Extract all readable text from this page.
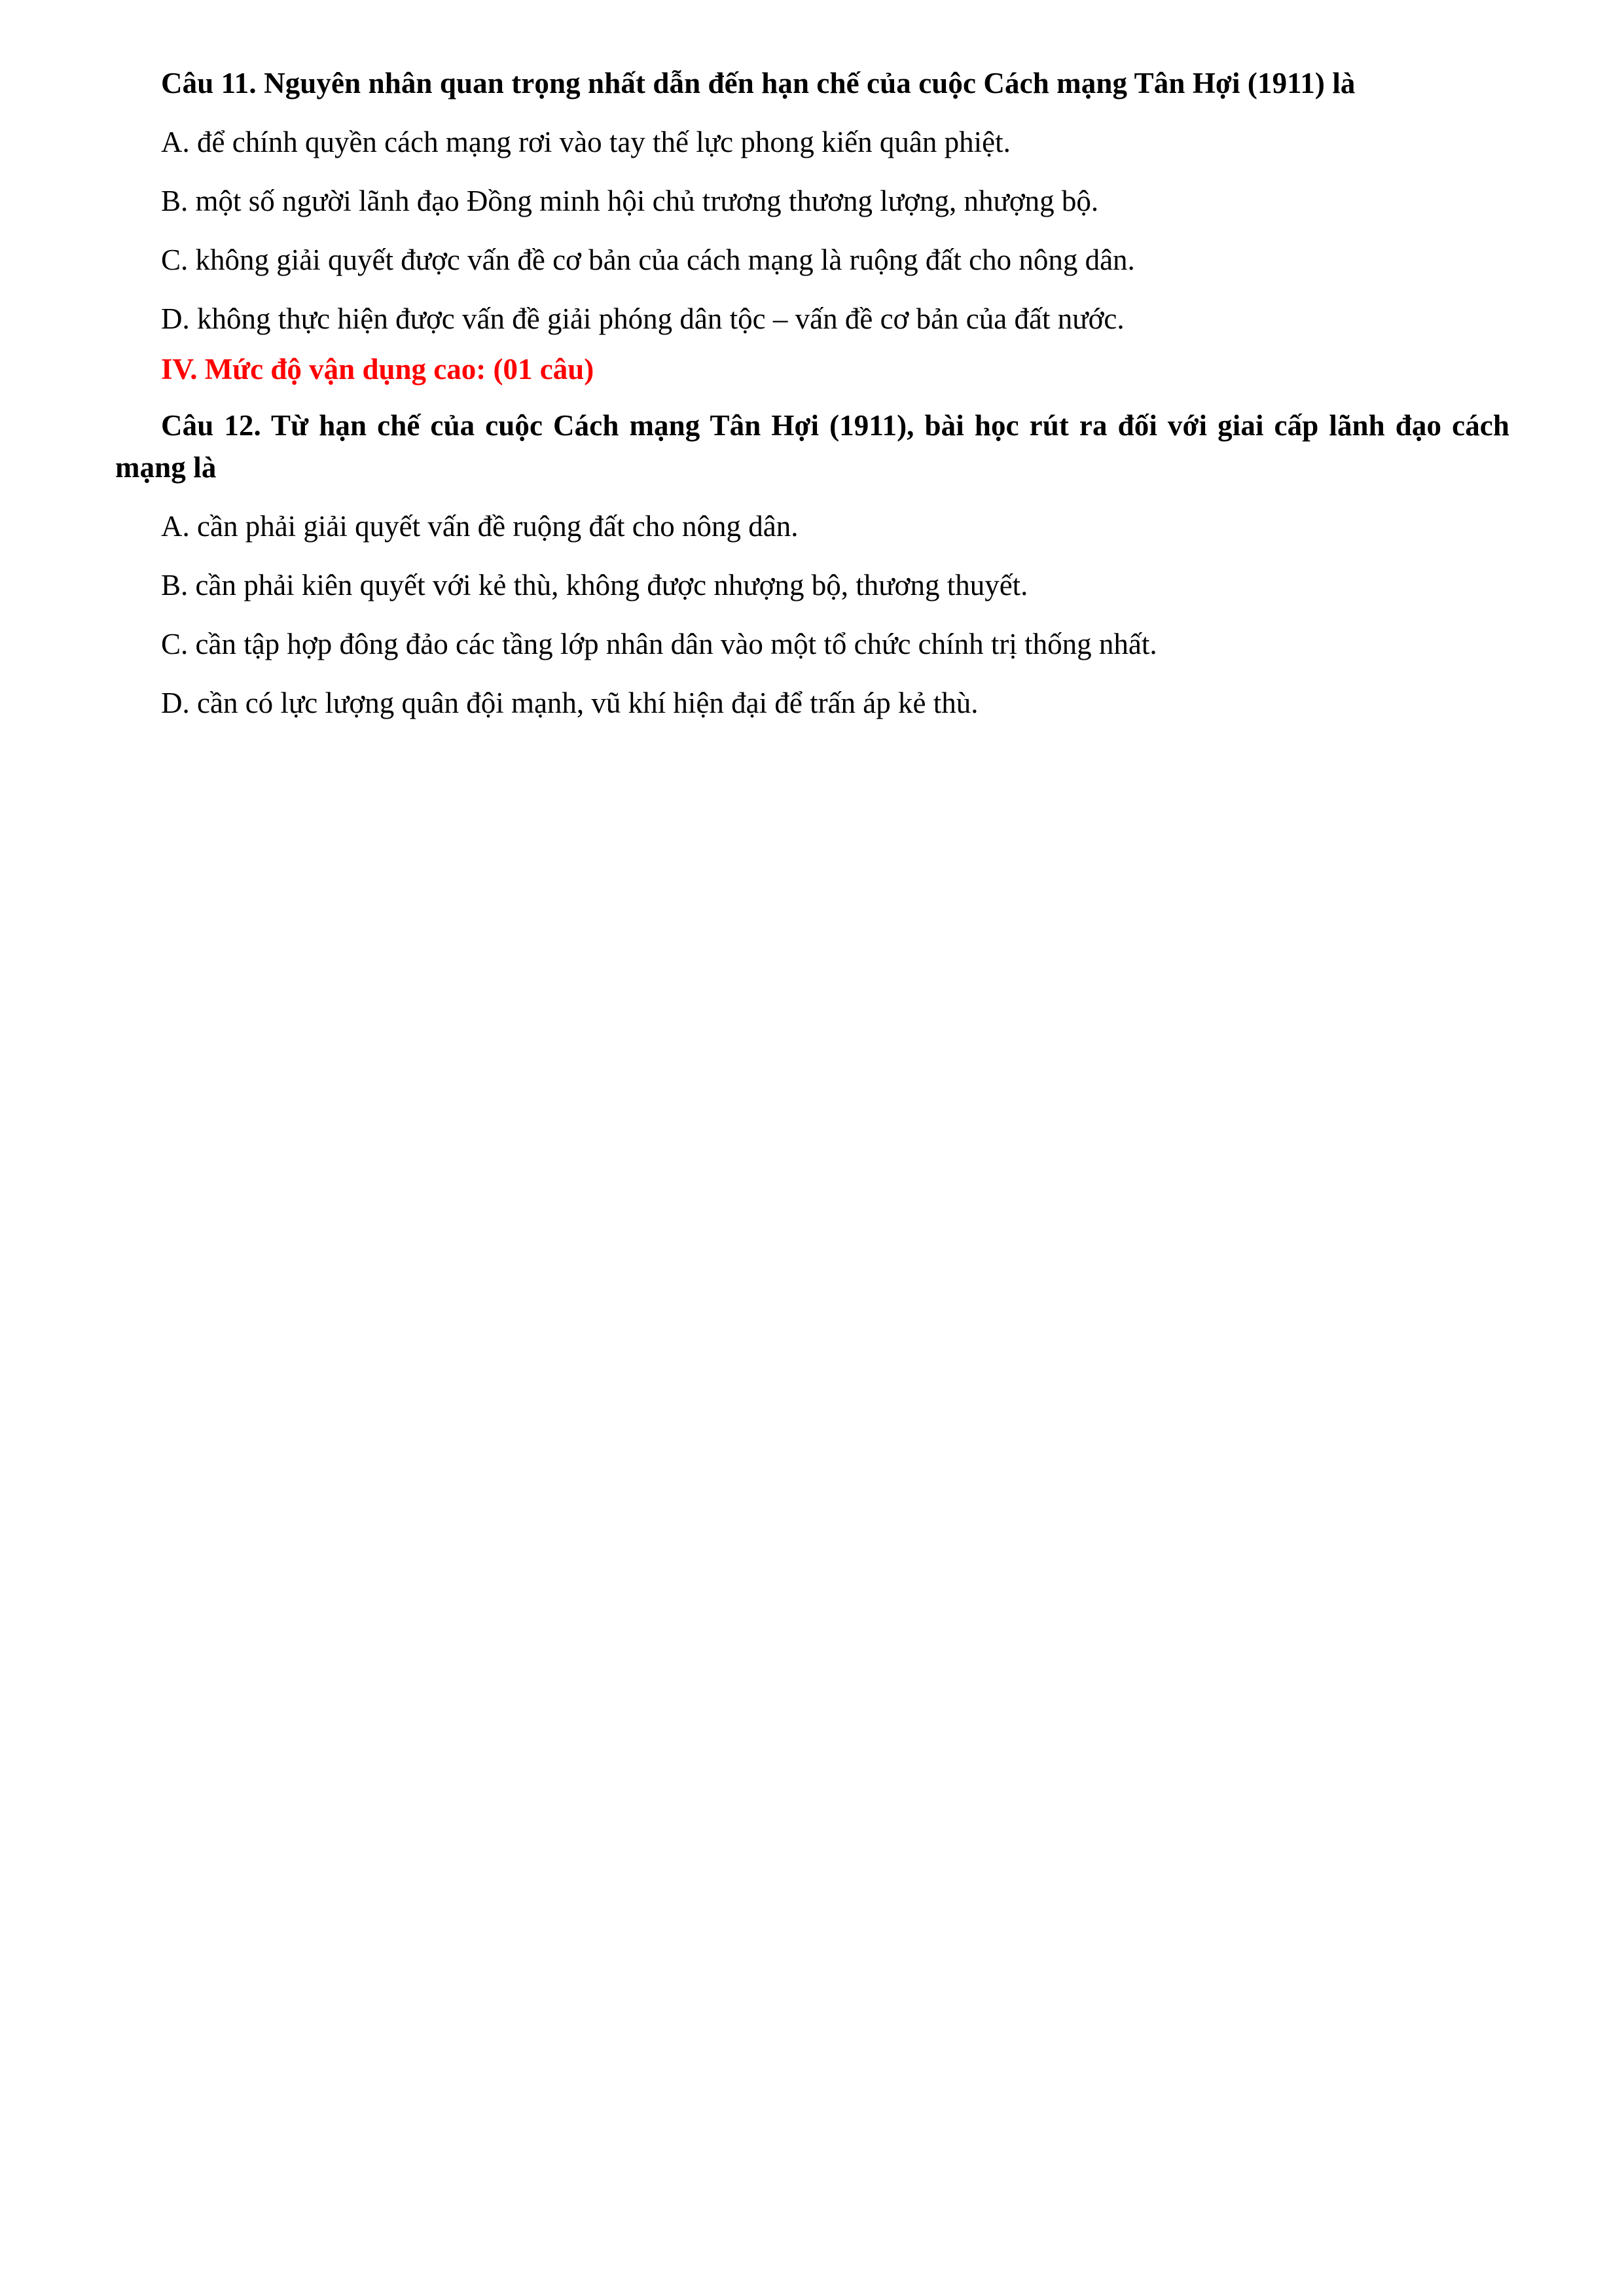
Câu 11. Nguyên nhân quan trọng nhất dẫn đến hạn chế của cuộc Cách mạng Tân Hợi (1911) là

A. để chính quyền cách mạng rơi vào tay thế lực phong kiến quân phiệt.

B. một số người lãnh đạo Đồng minh hội chủ trương thương lượng, nhượng bộ.

C. không giải quyết được vấn đề cơ bản của cách mạng là ruộng đất cho nông dân.

D. không thực hiện được vấn đề giải phóng dân tộc – vấn đề cơ bản của đất nước.

IV. Mức độ vận dụng cao: (01 câu)

Câu 12. Từ hạn chế của cuộc Cách mạng Tân Hợi (1911), bài học rút ra đối với giai cấp lãnh đạo cách mạng là

A. cần phải giải quyết vấn đề ruộng đất cho nông dân.

B. cần phải kiên quyết với kẻ thù, không được nhượng bộ, thương thuyết.

C. cần tập hợp đông đảo các tầng lớp nhân dân vào một tổ chức chính trị thống nhất.

D. cần có lực lượng quân đội mạnh, vũ khí hiện đại để trấn áp kẻ thù.
